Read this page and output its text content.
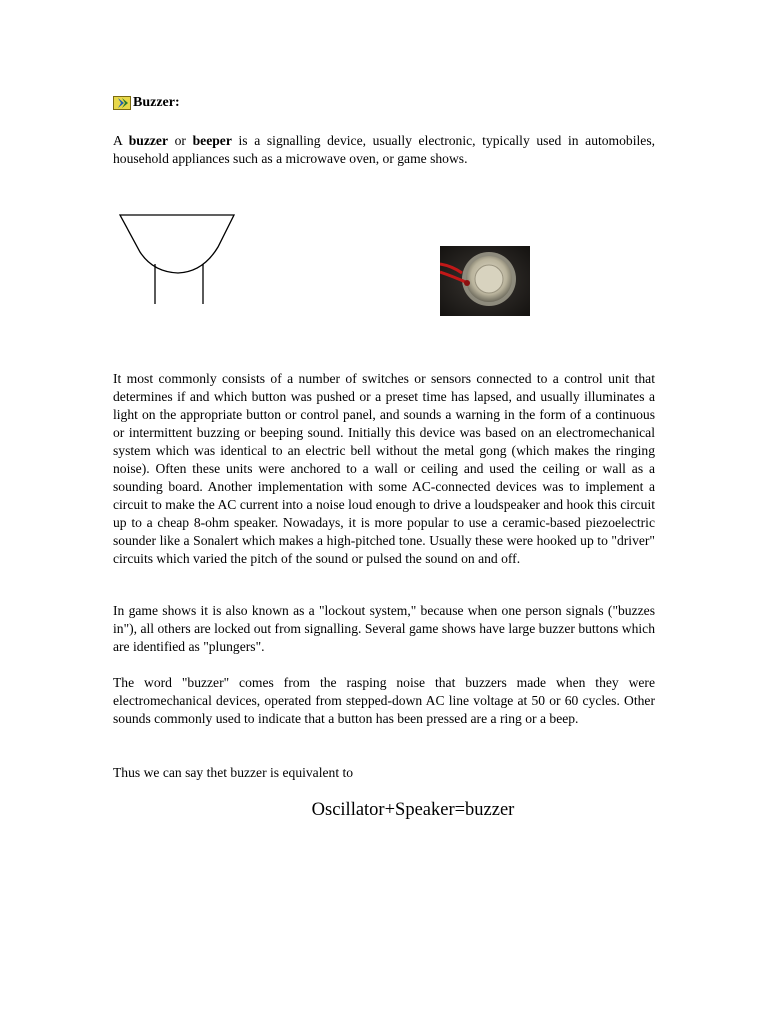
Buzzer:

A buzzer or beeper is a signalling device, usually electronic, typically used in automobiles, household appliances such as a microwave oven, or game shows.

It most commonly consists of a number of switches or sensors connected to a control unit that determines if and which button was pushed or a preset time has lapsed, and usually illuminates a light on the appropriate button or control panel, and sounds a warning in the form of a continuous or intermittent buzzing or beeping sound. Initially this device was based on an electromechanical system which was identical to an electric bell without the metal gong (which makes the ringing noise). Often these units were anchored to a wall or ceiling and used the ceiling or wall as a sounding board. Another implementation with some AC-connected devices was to implement a circuit to make the AC current into a noise loud enough to drive a loudspeaker and hook this circuit up to a cheap 8-ohm speaker. Nowadays, it is more popular to use a ceramic-based piezoelectric sounder like a Sonalert which makes a high-pitched tone. Usually these were hooked up to "driver" circuits which varied the pitch of the sound or pulsed the sound on and off.

In game shows it is also known as a "lockout system," because when one person signals ("buzzes in"), all others are locked out from signalling. Several game shows have large buzzer buttons which are identified as "plungers".

The word "buzzer" comes from the rasping noise that buzzers made when they were electromechanical devices, operated from stepped-down AC line voltage at 50 or 60 cycles. Other sounds commonly used to indicate that a button has been pressed are a ring or a beep.

Thus we can say thet buzzer is equivalent to

Oscillator+Speaker=buzzer
